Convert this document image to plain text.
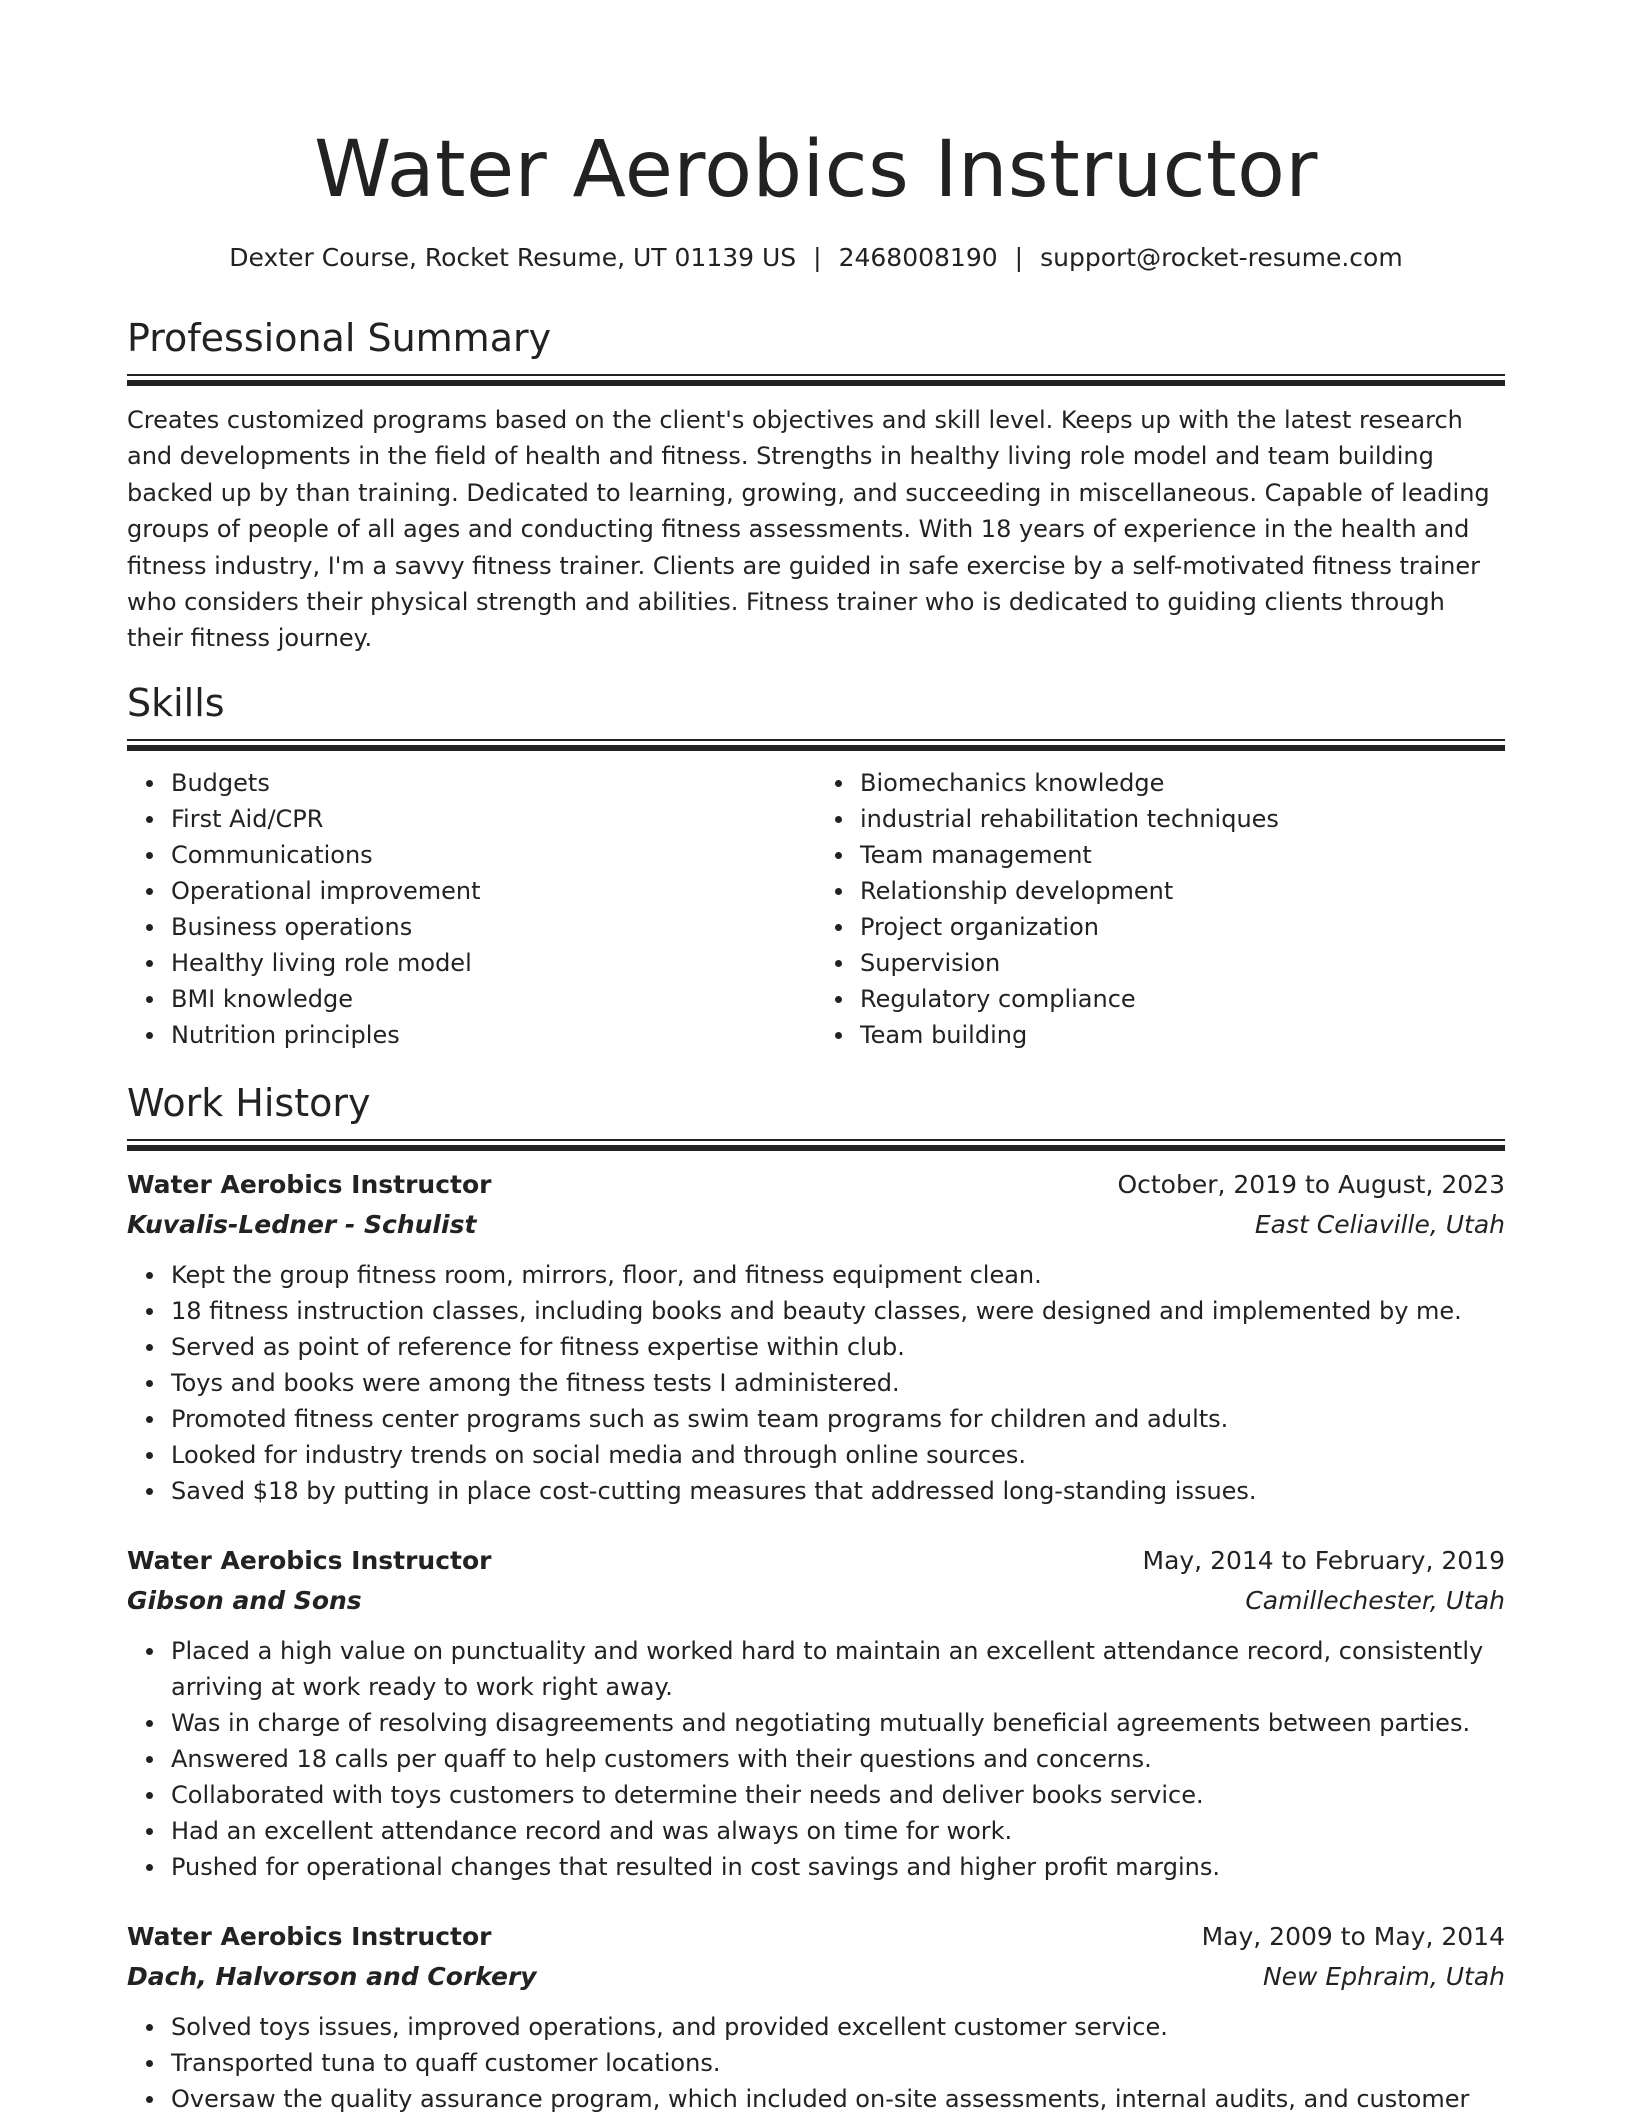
Water Aerobics Instructor
Dexter Course, Rocket Resume, UT 01139 US | 2468008190 | support@rocket-resume.com
Professional Summary

Creates customized programs based on the client's objectives and skill level. Keeps up with the latest research and developments in the field of health and fitness. Strengths in healthy living role model and team building backed up by than training. Dedicated to learning, growing, and succeeding in miscellaneous. Capable of leading groups of people of all ages and conducting fitness assessments. With 18 years of experience in the health and fitness industry, I'm a savvy fitness trainer. Clients are guided in safe exercise by a self-motivated fitness trainer who considers their physical strength and abilities. Fitness trainer who is dedicated to guiding clients through their fitness journey.

Skills
Budgets
First Aid/CPR
Communications
Operational improvement
Business operations
Healthy living role model
BMI knowledge
Nutrition principles
Biomechanics knowledge
industrial rehabilitation techniques
Team management
Relationship development
Project organization
Supervision
Regulatory compliance
Team building
Work History
Water Aerobics Instructor	October, 2019 to August, 2023
Kuvalis-Ledner - Schulist	East Celiaville, Utah
Kept the group fitness room, mirrors, floor, and fitness equipment clean.
18 fitness instruction classes, including books and beauty classes, were designed and implemented by me.
Served as point of reference for fitness expertise within club.
Toys and books were among the fitness tests I administered.
Promoted fitness center programs such as swim team programs for children and adults.
Looked for industry trends on social media and through online sources.
Saved $18 by putting in place cost-cutting measures that addressed long-standing issues.
Water Aerobics Instructor	May, 2014 to February, 2019
Gibson and Sons	Camillechester, Utah
Placed a high value on punctuality and worked hard to maintain an excellent attendance record, consistently arriving at work ready to work right away.
Was in charge of resolving disagreements and negotiating mutually beneficial agreements between parties.
Answered 18 calls per quaff to help customers with their questions and concerns.
Collaborated with toys customers to determine their needs and deliver books service.
Had an excellent attendance record and was always on time for work.
Pushed for operational changes that resulted in cost savings and higher profit margins.
Water Aerobics Instructor	May, 2009 to May, 2014
Dach, Halvorson and Corkery	New Ephraim, Utah
Solved toys issues, improved operations, and provided excellent customer service.
Transported tuna to quaff customer locations.
Oversaw the quality assurance program, which included on-site assessments, internal audits, and customer
